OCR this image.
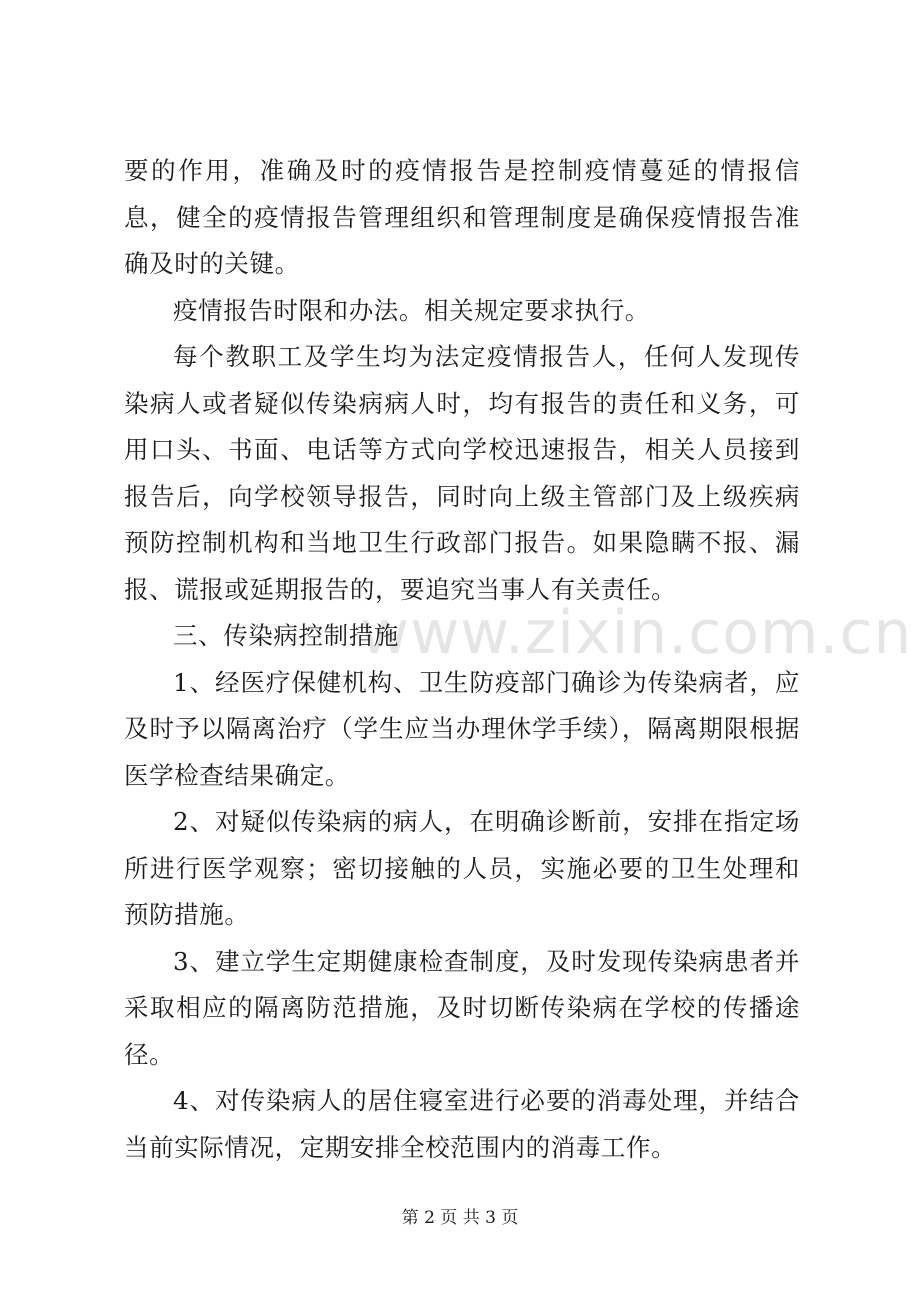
要的作用，准确及时的疫情报告是控制疫情蔓延的情报信息，健全的疫情报告管理组织和管理制度是确保疫情报告准确及时的关键。

疫情报告时限和办法。相关规定要求执行。

每个教职工及学生均为法定疫情报告人，任何人发现传染病人或者疑似传染病病人时，均有报告的责任和义务，可用口头、书面、电话等方式向学校迅速报告，相关人员接到报告后，向学校领导报告，同时向上级主管部门及上级疾病预防控制机构和当地卫生行政部门报告。如果隐瞒不报、漏报、谎报或延期报告的，要追究当事人有关责任。

三、传染病控制措施

1、经医疗保健机构、卫生防疫部门确诊为传染病者，应及时予以隔离治疗（学生应当办理休学手续），隔离期限根据医学检查结果确定。

2、对疑似传染病的病人，在明确诊断前，安排在指定场所进行医学观察；密切接触的人员，实施必要的卫生处理和预防措施。

3、建立学生定期健康检查制度，及时发现传染病患者并采取相应的隔离防范措施，及时切断传染病在学校的传播途径。

4、对传染病人的居住寝室进行必要的消毒处理，并结合当前实际情况，定期安排全校范围内的消毒工作。

www.zixin.com.cn
第 2 页 共 3 页
